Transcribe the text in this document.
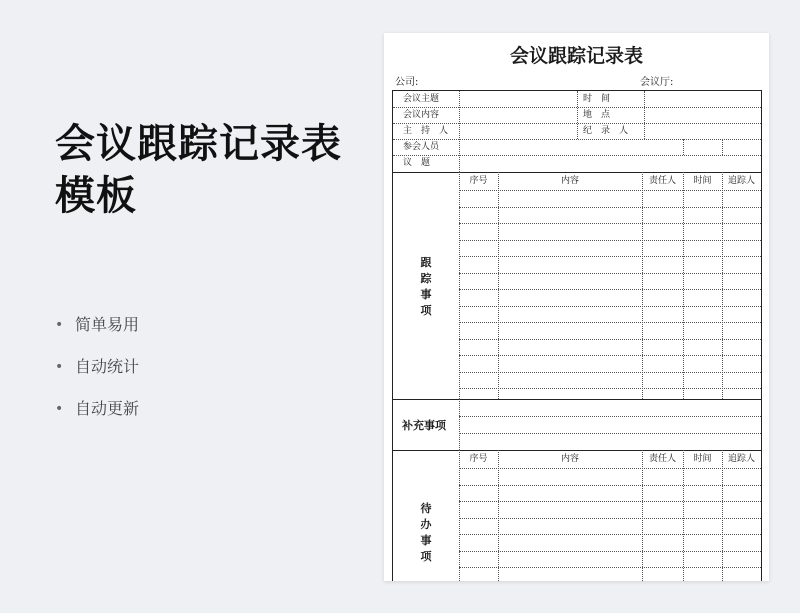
会议跟踪记录表模板
• 简单易用
• 自动统计
• 自动更新
会议跟踪记录表
公司:	会议厅:
会议主题	时　间
会议内容	地　点
主持人	纪　录　人
参会人员
议　题
序号	内容	责任人	时间	追踪人
跟踪事项
补充事项
序号	内容	责任人	时间	追踪人
待办事项
